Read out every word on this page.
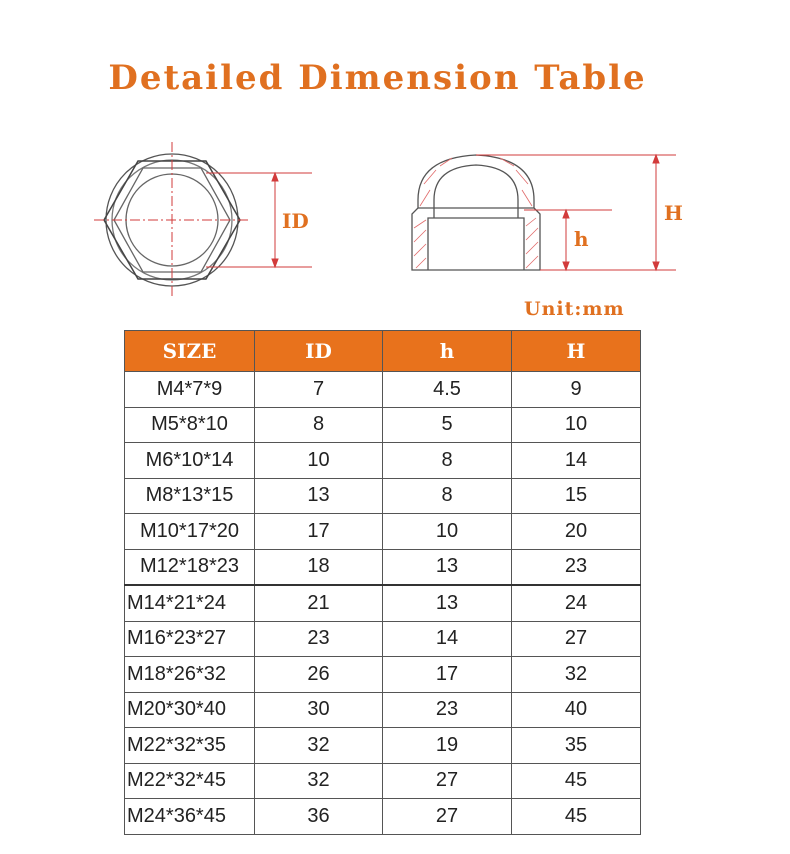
Detailed Dimension Table
ID
h
H
Unit:mm
SIZE	ID	h	H
M4*7*9	7	4.5	9
M5*8*10	8	5	10
M6*10*14	10	8	14
M8*13*15	13	8	15
M10*17*20	17	10	20
M12*18*23	18	13	23
M14*21*24	21	13	24
M16*23*27	23	14	27
M18*26*32	26	17	32
M20*30*40	30	23	40
M22*32*35	32	19	35
M22*32*45	32	27	45
M24*36*45	36	27	45
